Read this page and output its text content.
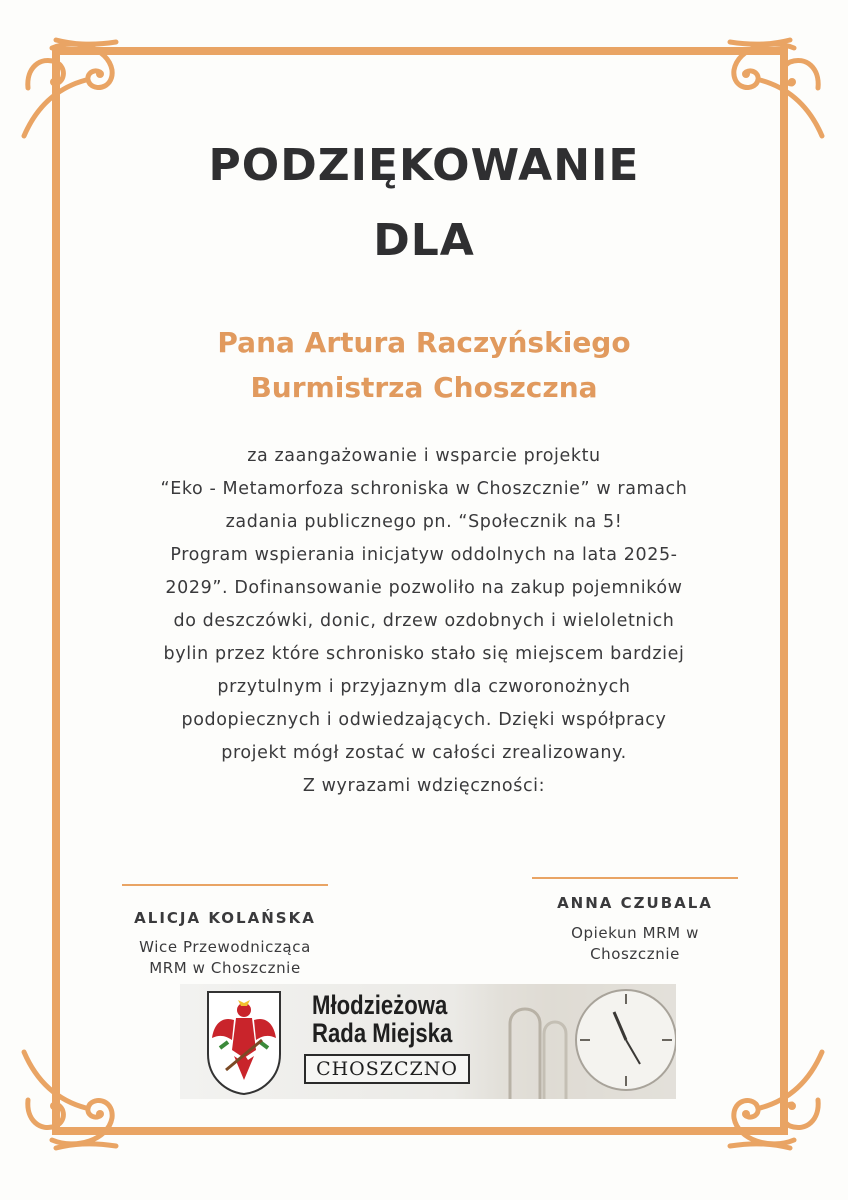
PODZIĘKOWANIE
DLA
Pana Artura Raczyńskiego
Burmistrza Choszczna
za zaangażowanie i wsparcie projektu
“Eko - Metamorfoza schroniska w Choszcznie” w ramach
zadania publicznego pn. “Społecznik na 5!
Program wspierania inicjatyw oddolnych na lata 2025-
2029”. Dofinansowanie pozwoliło na zakup pojemników
do deszczówki, donic, drzew ozdobnych i wieloletnich
bylin przez które schronisko stało się miejscem bardziej
przytulnym i przyjaznym dla czworonożnych
podopiecznych i odwiedzających. Dzięki współpracy
projekt mógł zostać w całości zrealizowany.
Z wyrazami wdzięczności:
ALICJA KOLAŃSKA
Wice Przewodnicząca
MRM w Choszcznie
ANNA CZUBALA
Opiekun MRM w
Choszcznie
Młodzieżowa
Rada Miejska
CHOSZCZNO
